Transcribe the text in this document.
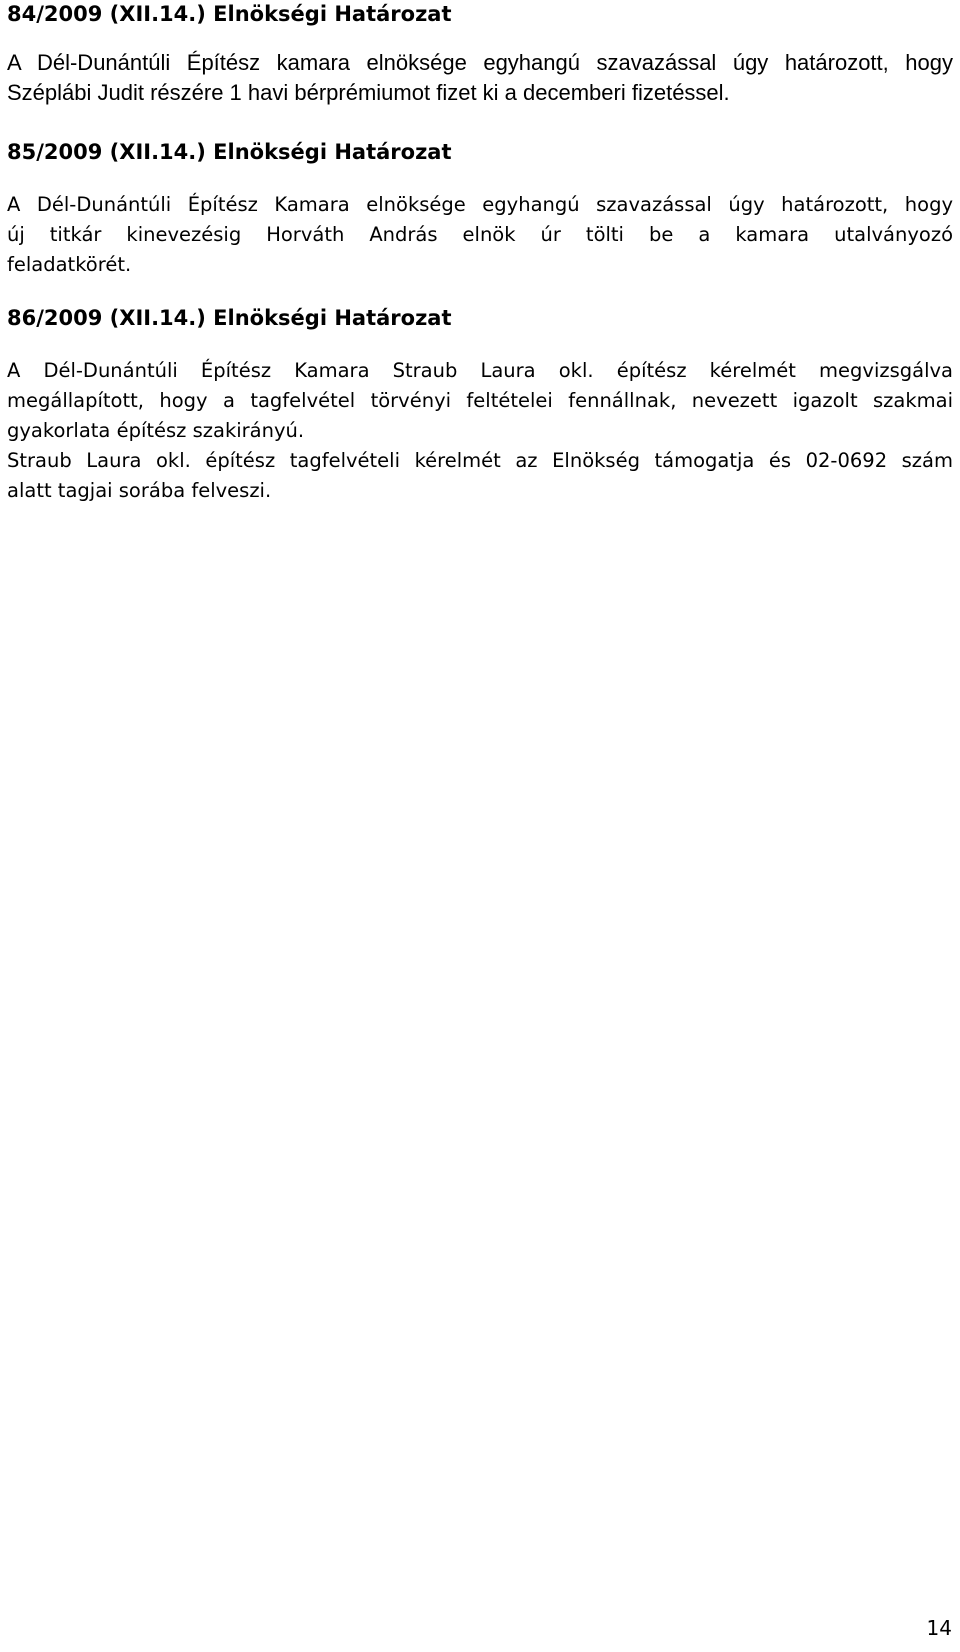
84/2009 (XII.14.) Elnökségi Határozat
A Dél-Dunántúli Építész kamara elnöksége egyhangú szavazással úgy határozott, hogy
Széplábi Judit részére 1 havi bérprémiumot fizet ki a decemberi fizetéssel.
85/2009 (XII.14.) Elnökségi Határozat
A Dél-Dunántúli Építész Kamara elnöksége egyhangú szavazással úgy határozott, hogy
új titkár kinevezésig Horváth András elnök úr tölti be a kamara utalványozó
feladatkörét.
86/2009 (XII.14.) Elnökségi Határozat
A Dél-Dunántúli Építész Kamara Straub Laura okl. építész kérelmét megvizsgálva
megállapított, hogy a tagfelvétel törvényi feltételei fennállnak, nevezett igazolt szakmai
gyakorlata építész szakirányú.
Straub Laura okl. építész tagfelvételi kérelmét az Elnökség támogatja és 02-0692 szám
alatt tagjai sorába felveszi.
14
